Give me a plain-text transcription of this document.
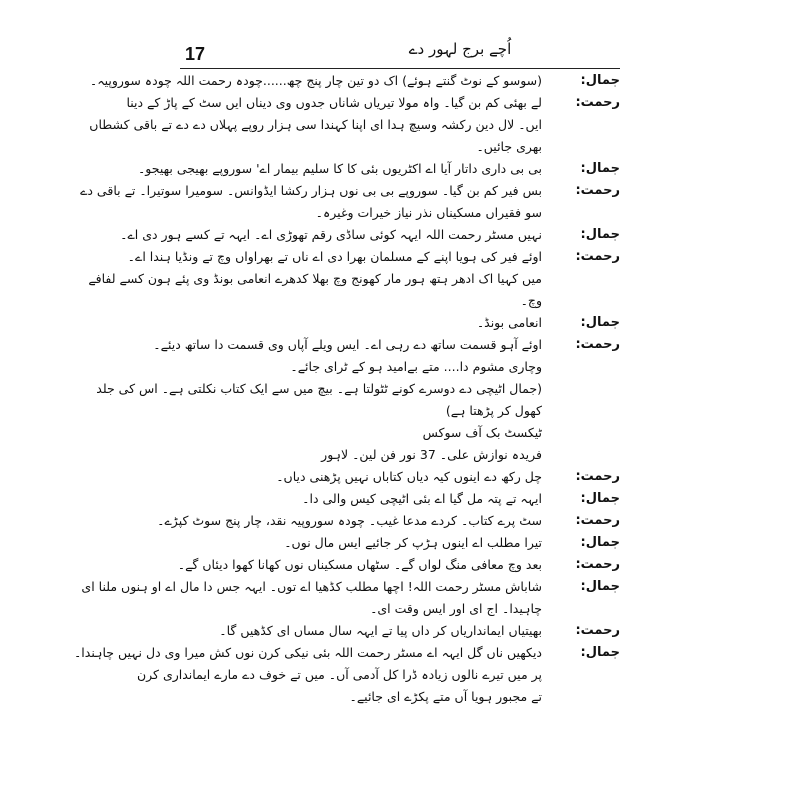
17	اُچے برج لہور دے
جمال:
(سوسو کے نوٹ گنتے ہوئے) اک دو تین چار پنج چھ......چودہ رحمت اللہ چودہ سوروپیہ۔
رحمت:
لے بھئی کم بن گیا۔ واہ مولا تیریاں شاناں جدوں وی دیناں ایں سٹ کے پاڑ کے دینا
ایں۔ لال دین رکشہ وسیچ ہدا ای اپنا کہندا سی ہزار روپے پہلاں دے دے تے باقی کشطاں
بھری جائیں۔
جمال:
بی بی داری داتار آیا اے اکٹریوں بئی کا کا سلیم بیمار اے' سوروپے بھیجی بھیجو۔
رحمت:
بس فیر کم بن گیا۔ سوروپے بی بی نوں ہزار رکشا ایڈوانس۔ سومیرا سوتیرا۔ تے باقی دے
سو فقیراں مسکیناں نذر نیاز خیرات وغیرہ۔
جمال:
نہیں مسٹر رحمت اللہ ایہہ کوئی ساڈی رقم تھوڑی اے۔ ایہہ تے کسے ہور دی اے۔
رحمت:
اوئے فیر کی ہویا اپنے کے مسلمان بھرا دی اے ناں تے بھراواں وچ تے ونڈیا ہندا اے۔
میں کہیا اک ادھر ہتھ ہور مار کھونج وچ بھلا کدھرے انعامی بونڈ وی پئے ہون کسے لفافے
وچ۔
جمال:
انعامی بونڈ۔
رحمت:
اوئے آہو قسمت ساتھ دے رہی اے۔ ایس ویلے آپاں وی قسمت دا ساتھ دیئے۔
وچاری مشوم دا.... متے بےامید ہو کے ٹرای جائے۔
(جمال اٹیچی دے دوسرے کونے ٹٹولتا ہے۔ بیچ میں سے ایک کتاب نکلتی ہے۔ اس کی جلد
کھول کر پڑھتا ہے)
ٹیکسٹ بک آف سوکس
فریدہ نوازش علی۔ 37 نور فن لین۔ لاہور
رحمت:
چل رکھ دے اینوں کیہ دیاں کتاباں نہیں پڑھنی دیاں۔
جمال:
ایہہ تے پتہ مل گیا اے بئی اٹیچی کیس والی دا۔
رحمت:
سٹ پرے کتاب۔ کردے مدعا غیب۔ چودہ سوروپیہ نقد، چار پنج سوٹ کپڑے۔
جمال:
تیرا مطلب اے اینوں ہڑپ کر جائیے ایس مال نوں۔
رحمت:
بعد وچ معافی منگ لواں گے۔ سٹھاں مسکیناں نوں کھانا کھوا دیئاں گے۔
جمال:
شاباش مسٹر رحمت اللہ! اچھا مطلب کڈھیا اے توں۔ ایہہ جس دا مال اے او ہنوں ملنا ای
چاہیدا۔ اج ای اور ایس وقت ای۔
رحمت:
بھیتیاں ایمانداریاں کر داں پیا تے ایہہ سال مساں ای کڈھیں گا۔
جمال:
دیکھیں ناں گل ایہہ اے مسٹر رحمت اللہ بئی نیکی کرن نوں کش میرا وی دل نہیں چاہندا۔
پر میں تیرے نالوں زیادہ ڈرا کل آدمی آں۔ میں تے خوف دے مارے ایمانداری کرن
تے مجبور ہویا آں متے پکڑے ای جائیے۔
